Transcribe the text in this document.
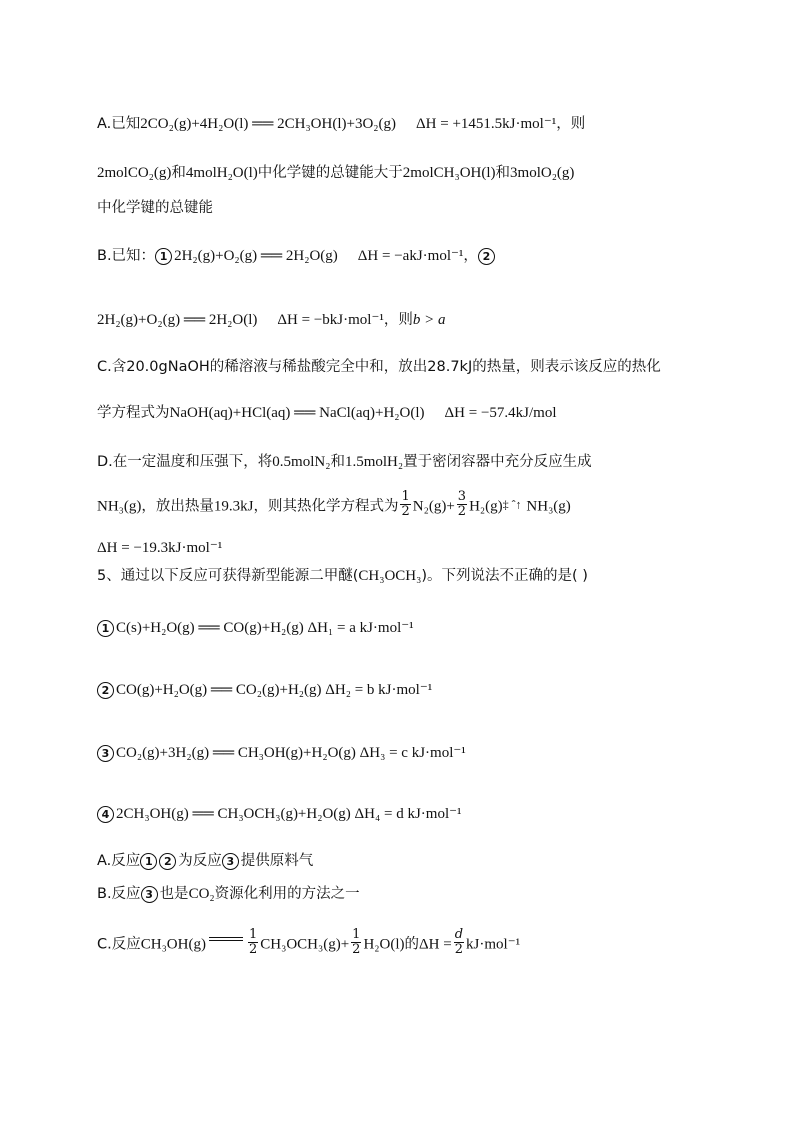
A.已知2CO₂(g)+4H₂O(l) ══ 2CH₃OH(l)+3O₂(g) ΔH = +1451.5kJ·mol⁻¹，则
2molCO₂(g)和4molH₂O(l)中化学键的总键能大于2molCH₃OH(l)和3molO₂(g)
中化学键的总键能
B.已知： 1 2H₂(g)+O₂(g) ══ 2H₂O(g) ΔH = −akJ·mol⁻¹， 2
2H₂(g)+O₂(g) ══ 2H₂O(l) ΔH = −bkJ·mol⁻¹，则b > a
C.含20.0gNaOH的稀溶液与稀盐酸完全中和，放出28.7kJ的热量，则表示该反应的热化
学方程式为NaOH(aq)+HCl(aq) ══ NaCl(aq)+H₂O(l) ΔH = −57.4kJ/mol
D.在一定温度和压强下，将0.5molN₂和1.5molH₂置于密闭容器中充分反应生成
NH₃(g)，放出热量19.3kJ，则其热化学方程式为 $\frac{1}{2} N_2(g)+ \frac{3}{2}$ H₂(g)‡ ˆ↑ NH₃(g)
ΔH = −19.3kJ·mol⁻¹
5、通过以下反应可获得新型能源二甲醚(CH₃OCH₃)。下列说法不正确的是( )
1 C(s)+H₂O(g) ══ CO(g)+H₂(g) ΔH₁ = a kJ·mol⁻¹
2 CO(g)+H₂O(g) ══ CO₂(g)+H₂(g) ΔH₂ = b kJ·mol⁻¹
3 CO₂(g)+3H₂(g) ══ CH₃OH(g)+H₂O(g) ΔH₃ = c kJ·mol⁻¹
4 2CH₃OH(g) ══ CH₃OCH₃(g)+H₂O(g) ΔH₄ = d kJ·mol⁻¹
A.反应 1 2 为反应 3 提供原料气
B.反应 3 也是CO₂资源化利用的方法之一
C.反应CH₃OH(g)	$\frac{1}{2} CH_3OCH_3(g)+ \frac{1}{2} H_2O(l)$的$\Delta H = \frac{d}{2} kJ\cdot mol^{-1}$
